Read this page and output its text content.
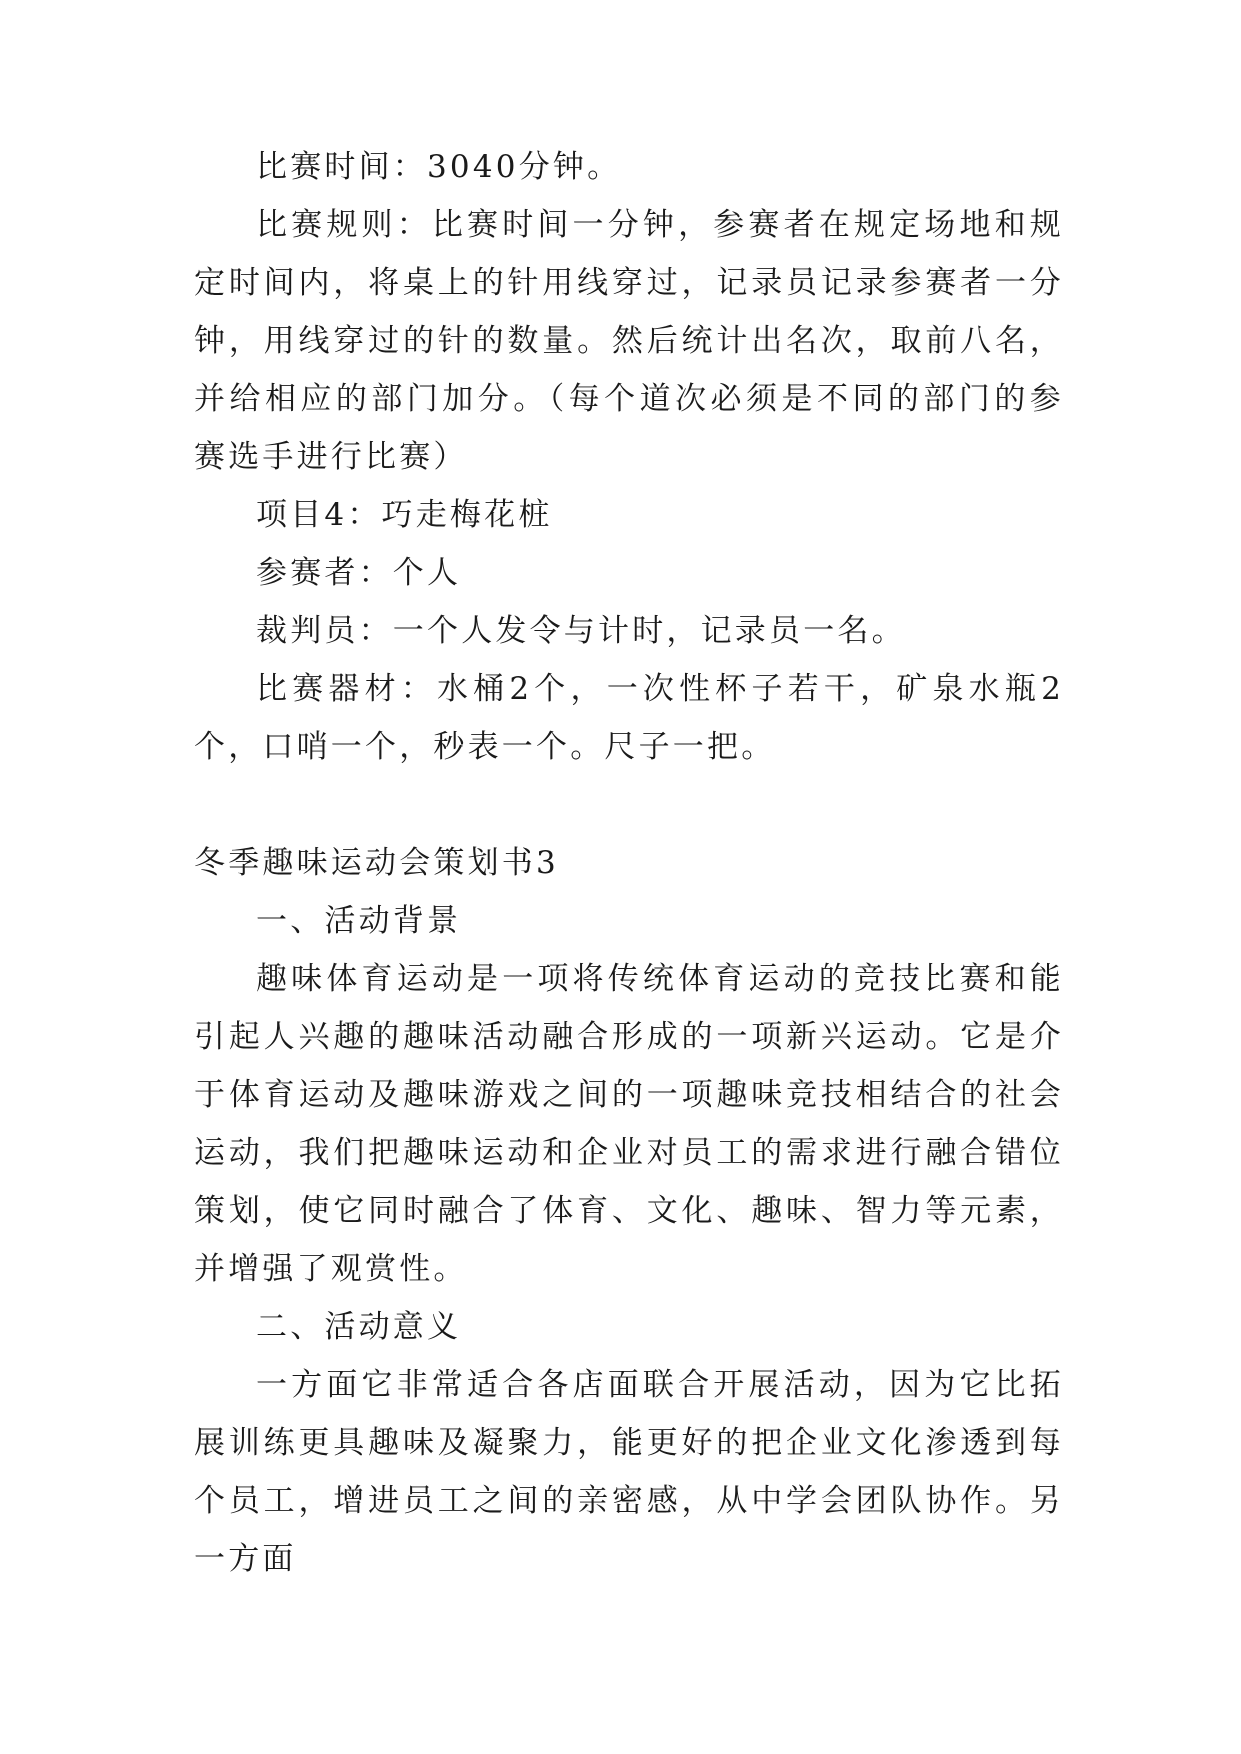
比赛时间：3040分钟。

比赛规则：比赛时间一分钟，参赛者在规定场地和规定时间内，将桌上的针用线穿过，记录员记录参赛者一分钟，用线穿过的针的数量。然后统计出名次，取前八名，并给相应的部门加分。（每个道次必须是不同的部门的参赛选手进行比赛）

项目4：巧走梅花桩

参赛者：个人

裁判员：一个人发令与计时，记录员一名。

比赛器材：水桶2个，一次性杯子若干，矿泉水瓶2个，口哨一个，秒表一个。尺子一把。

冬季趣味运动会策划书3

一、活动背景

趣味体育运动是一项将传统体育运动的竞技比赛和能引起人兴趣的趣味活动融合形成的一项新兴运动。它是介于体育运动及趣味游戏之间的一项趣味竞技相结合的社会运动，我们把趣味运动和企业对员工的需求进行融合错位策划，使它同时融合了体育、文化、趣味、智力等元素，并增强了观赏性。

二、活动意义

一方面它非常适合各店面联合开展活动，因为它比拓展训练更具趣味及凝聚力，能更好的把企业文化渗透到每个员工，增进员工之间的亲密感，从中学会团队协作。另一方面
